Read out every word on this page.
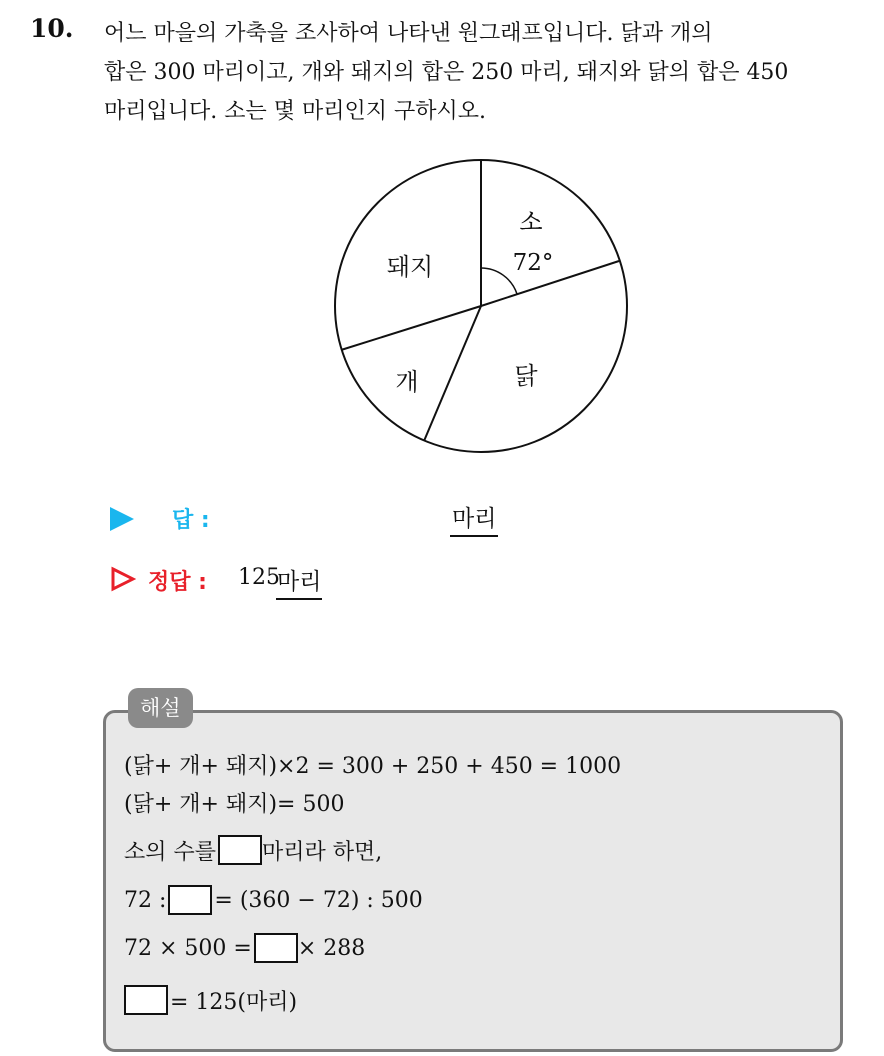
10. 어느 마을의 가축을 조사하여 나타낸 원그래프입니다. 닭과 개의

합은 300 마리이고, 개와 돼지의 합은 250 마리, 돼지와 닭의 합은 450

마리입니다. 소는 몇 마리인지 구하시오.

소
72°
닭
개
돼지
답 :	마리
정답 : 125
마리
해설
(닭+ 개+ 돼지)×2 = 300 + 250 + 450 = 1000
(닭+ 개+ 돼지)= 500
소의 수를 마리라 하면,
72 : = (360 − 72) : 500
72 × 500 = × 288
= 125(마리)
